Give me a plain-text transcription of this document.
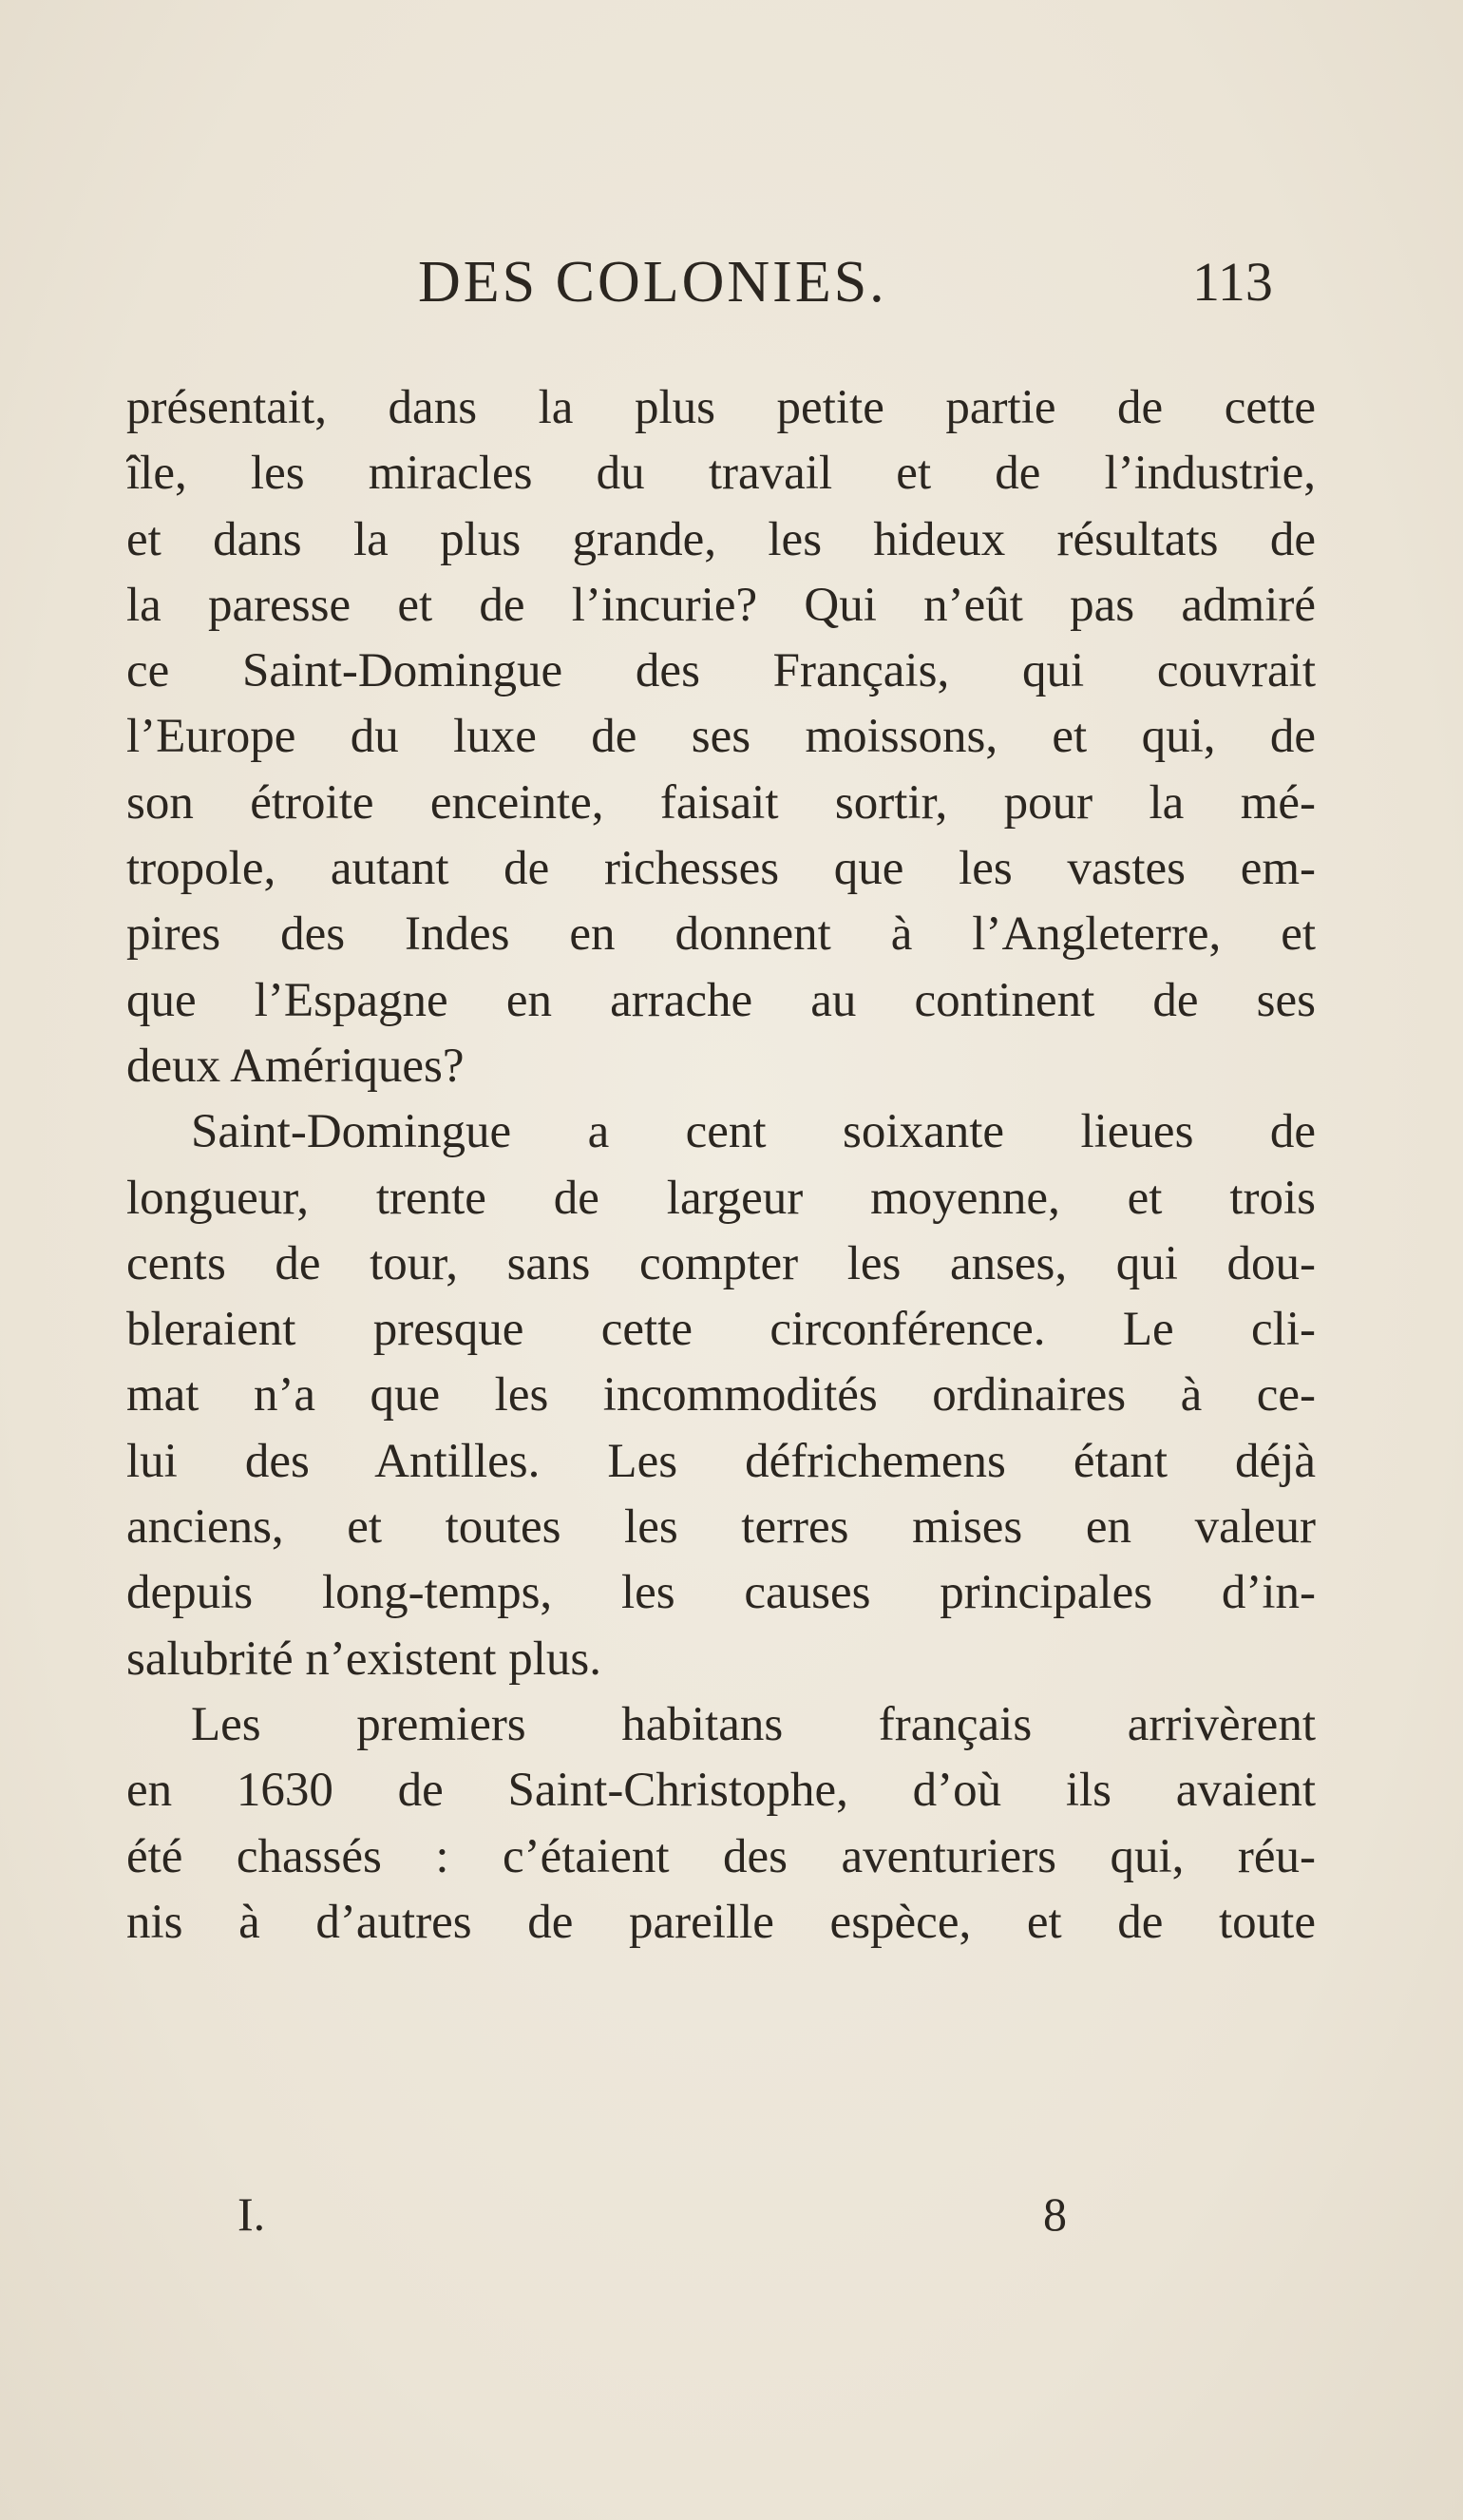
DES COLONIES.	113
présentait, dans la plus petite partie de cette
île, les miracles du travail et de l’industrie,
et dans la plus grande, les hideux résultats de
la paresse et de l’incurie? Qui n’eût pas admiré
ce Saint-Domingue des Français, qui couvrait
l’Europe du luxe de ses moissons, et qui, de
son étroite enceinte, faisait sortir, pour la mé-
tropole, autant de richesses que les vastes em-
pires des Indes en donnent à l’Angleterre, et
que l’Espagne en arrache au continent de ses
deux Amériques?
Saint-Domingue a cent soixante lieues de
longueur, trente de largeur moyenne, et trois
cents de tour, sans compter les anses, qui dou-
bleraient presque cette circonférence. Le cli-
mat n’a que les incommodités ordinaires à ce-
lui des Antilles. Les défrichemens étant déjà
anciens, et toutes les terres mises en valeur
depuis long-temps, les causes principales d’in-
salubrité n’existent plus.
Les premiers habitans français arrivèrent
en 1630 de Saint-Christophe, d’où ils avaient
été chassés : c’étaient des aventuriers qui, réu-
nis à d’autres de pareille espèce, et de toute
I.	8
